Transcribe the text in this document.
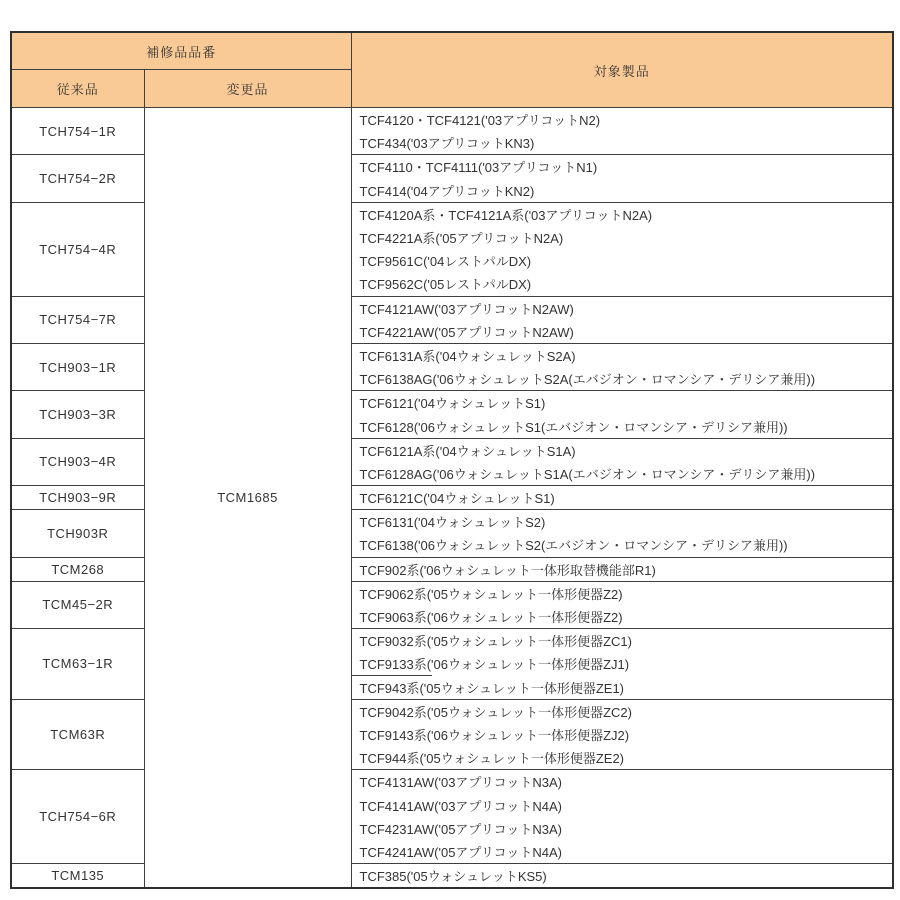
補修品品番		対象製品
従来品	変更品	
TCH754−1R	TCM1685	TCF4120・TCF4121('03アプリコットN2)
TCF434('03アプリコットKN3)

TCH754−2R		TCF4110・TCF4111('03アプリコットN1)
TCF414('04アプリコットKN2)

TCH754−4R		TCF4120A系・TCF4121A系('03アプリコットN2A)
TCF4221A系('05アプリコットN2A)
TCF9561C('04レストパルDX)
TCF9562C('05レストパルDX)

TCH754−7R		TCF4121AW('03アプリコットN2AW)
TCF4221AW('05アプリコットN2AW)

TCH903−1R		TCF6131A系('04ウォシュレットS2A)
TCF6138AG('06ウォシュレットS2A(エバジオン・ロマンシア・デリシア兼用))

TCH903−3R		TCF6121('04ウォシュレットS1)
TCF6128('06ウォシュレットS1(エバジオン・ロマンシア・デリシア兼用))

TCH903−4R		TCF6121A系('04ウォシュレットS1A)
TCF6128AG('06ウォシュレットS1A(エバジオン・ロマンシア・デリシア兼用))

TCH903−9R		TCF6121C('04ウォシュレットS1)

TCH903R		TCF6131('04ウォシュレットS2)
TCF6138('06ウォシュレットS2(エバジオン・ロマンシア・デリシア兼用))

TCM268		TCF902系('06ウォシュレット一体形取替機能部R1)

TCM45−2R		TCF9062系('05ウォシュレット一体形便器Z2)
TCF9063系('06ウォシュレット一体形便器Z2)

TCM63−1R		TCF9032系('05ウォシュレット一体形便器ZC1)
TCF9133系('06ウォシュレット一体形便器ZJ1)
TCF943系('05ウォシュレット一体形便器ZE1)

TCM63R		TCF9042系('05ウォシュレット一体形便器ZC2)
TCF9143系('06ウォシュレット一体形便器ZJ2)
TCF944系('05ウォシュレット一体形便器ZE2)

TCH754−6R		TCF4131AW('03アプリコットN3A)
TCF4141AW('03アプリコットN4A)
TCF4231AW('05アプリコットN3A)
TCF4241AW('05アプリコットN4A)

TCM135		TCF385('05ウォシュレットKS5)
